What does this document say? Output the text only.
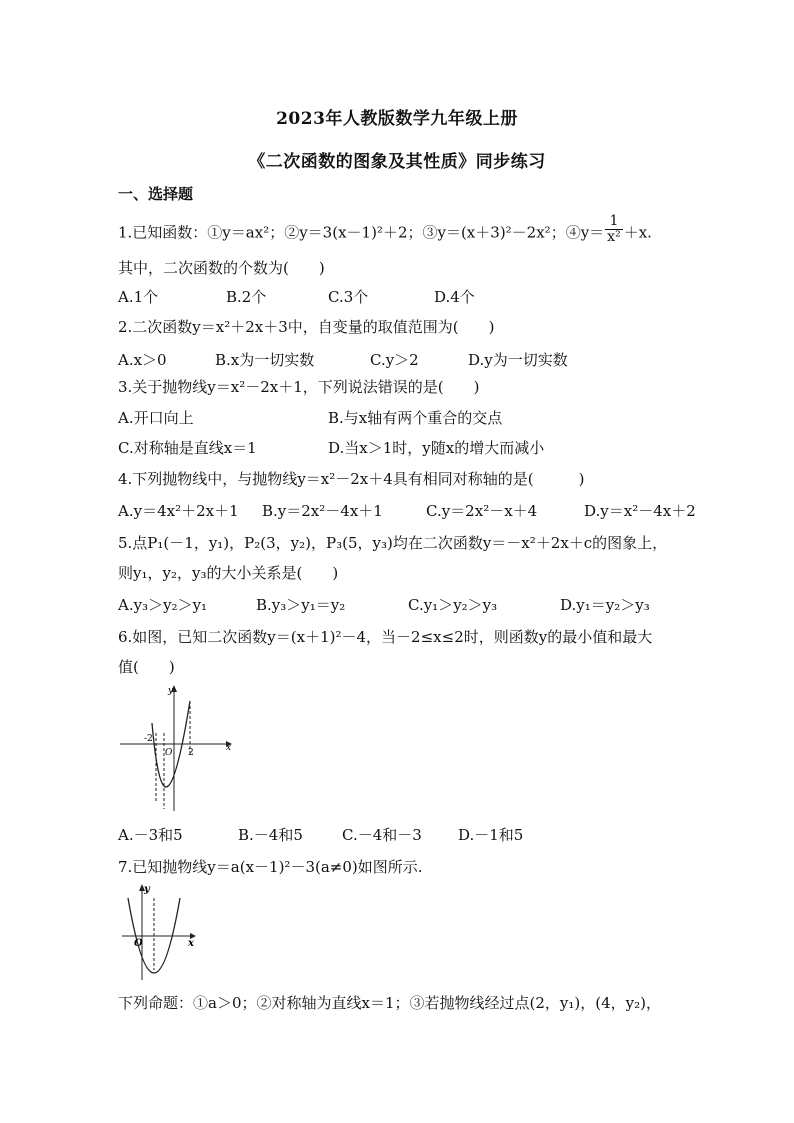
2023年人教版数学九年级上册
《二次函数的图象及其性质》同步练习
一、选择题
1.已知函数：①y＝ax²；②y＝3(x－1)²＋2；③y＝(x＋3)²－2x²；④y＝ $\frac{1}{\text{x²}} +x$.
其中，二次函数的个数为(　　)
A.1个	B.2个	C.3个	D.4个
2.二次函数y＝x²＋2x＋3中，自变量的取值范围为(　　)
A.x＞0	B.x为一切实数	C.y＞2	D.y为一切实数
3.关于抛物线y＝x²－2x＋1，下列说法错误的是(　　)
A.开口向上	B.与x轴有两个重合的交点
C.对称轴是直线x＝1	D.当x＞1时，y随x的增大而减小
4.下列抛物线中，与抛物线y＝x²－2x＋4具有相同对称轴的是(　　　)
A.y＝4x²＋2x＋1 B.y＝2x²－4x＋1	C.y＝2x²－x＋4	D.y＝x²－4x＋2
5.点P₁(－1，y₁)，P₂(3，y₂)，P₃(5，y₃)均在二次函数y＝－x²＋2x＋c的图象上，
则y₁，y₂，y₃的大小关系是(　　)
A.y₃＞y₂＞y₁	B.y₃＞y₁＝y₂	C.y₁＞y₂＞y₃	D.y₁＝y₂＞y₃
6.如图，已知二次函数y＝(x＋1)²－4，当－2≤x≤2时，则函数y的最小值和最大
值(　　)
y
x
O
-2
2
A.－3和5	B.－4和5	C.－4和－3 D.－1和5
7.已知抛物线y＝a(x－1)²－3(a≠0)如图所示.
y
x
O
下列命题：①a＞0；②对称轴为直线x＝1；③若抛物线经过点(2，y₁)，(4，y₂)，
